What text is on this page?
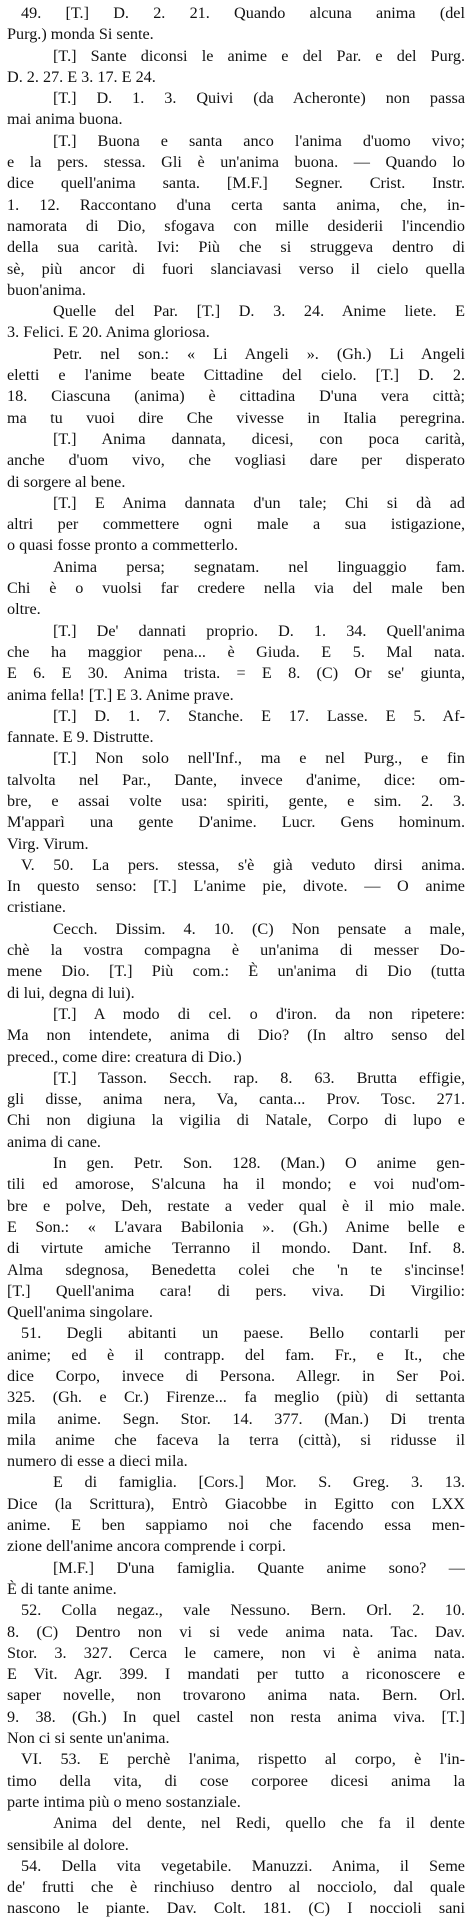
49. [T.] D. 2. 21. Quando alcuna anima (del
Purg.) monda Si sente.
[T.] Sante diconsi le anime e del Par. e del Purg.
D. 2. 27. E 3. 17. E 24.
[T.] D. 1. 3. Quivi (da Acheronte) non passa
mai anima buona.
[T.] Buona e santa anco l'anima d'uomo vivo;
e la pers. stessa. Gli è un'anima buona. — Quando lo
dice quell'anima santa. [M.F.] Segner. Crist. Instr.
1. 12. Raccontano d'una certa santa anima, che, in-
namorata di Dio, sfogava con mille desiderii l'incendio
della sua carità. Ivi: Più che si struggeva dentro di
sè, più ancor di fuori slanciavasi verso il cielo quella
buon'anima.
Quelle del Par. [T.] D. 3. 24. Anime liete. E
3. Felici. E 20. Anima gloriosa.
Petr. nel son.: « Li Angeli ». (Gh.) Li Angeli
eletti e l'anime beate Cittadine del cielo. [T.] D. 2.
18. Ciascuna (anima) è cittadina D'una vera città;
ma tu vuoi dire Che vivesse in Italia peregrina.
[T.] Anima dannata, dicesi, con poca carità,
anche d'uom vivo, che vogliasi dare per disperato
di sorgere al bene.
[T.] E Anima dannata d'un tale; Chi si dà ad
altri per commettere ogni male a sua istigazione,
o quasi fosse pronto a commetterlo.
Anima persa; segnatam. nel linguaggio fam.
Chi è o vuolsi far credere nella via del male ben
oltre.
[T.] De' dannati proprio. D. 1. 34. Quell'anima
che ha maggior pena... è Giuda. E 5. Mal nata.
E 6. E 30. Anima trista. = E 8. (C) Or se' giunta,
anima fella! [T.] E 3. Anime prave.
[T.] D. 1. 7. Stanche. E 17. Lasse. E 5. Af-
fannate. E 9. Distrutte.
[T.] Non solo nell'Inf., ma e nel Purg., e fin
talvolta nel Par., Dante, invece d'anime, dice: om-
bre, e assai volte usa: spiriti, gente, e sim. 2. 3.
M'apparì una gente D'anime. Lucr. Gens hominum.
Virg. Virum.
V. 50. La pers. stessa, s'è già veduto dirsi anima.
In questo senso: [T.] L'anime pie, divote. — O anime
cristiane.
Cecch. Dissim. 4. 10. (C) Non pensate a male,
chè la vostra compagna è un'anima di messer Do-
mene Dio. [T.] Più com.: È un'anima di Dio (tutta
di lui, degna di lui).
[T.] A modo di cel. o d'iron. da non ripetere:
Ma non intendete, anima di Dio? (In altro senso del
preced., come dire: creatura di Dio.)
[T.] Tasson. Secch. rap. 8. 63. Brutta effigie,
gli disse, anima nera, Va, canta... Prov. Tosc. 271.
Chi non digiuna la vigilia di Natale, Corpo di lupo e
anima di cane.
In gen. Petr. Son. 128. (Man.) O anime gen-
tili ed amorose, S'alcuna ha il mondo; e voi nud'om-
bre e polve, Deh, restate a veder qual è il mio male.
E Son.: « L'avara Babilonia ». (Gh.) Anime belle e
di virtute amiche Terranno il mondo. Dant. Inf. 8.
Alma sdegnosa, Benedetta colei che 'n te s'incinse!
[T.] Quell'anima cara! di pers. viva. Di Virgilio:
Quell'anima singolare.
51. Degli abitanti un paese. Bello contarli per
anime; ed è il contrapp. del fam. Fr., e It., che
dice Corpo, invece di Persona. Allegr. in Ser Poi.
325. (Gh. e Cr.) Firenze... fa meglio (più) di settanta
mila anime. Segn. Stor. 14. 377. (Man.) Di trenta
mila anime che faceva la terra (città), si ridusse il
numero di esse a dieci mila.
E di famiglia. [Cors.] Mor. S. Greg. 3. 13.
Dice (la Scrittura), Entrò Giacobbe in Egitto con LXX
anime. E ben sappiamo noi che facendo essa men-
zione dell'anime ancora comprende i corpi.
[M.F.] D'una famiglia. Quante anime sono? —
È di tante anime.
52. Colla negaz., vale Nessuno. Bern. Orl. 2. 10.
8. (C) Dentro non vi si vede anima nata. Tac. Dav.
Stor. 3. 327. Cerca le camere, non vi è anima nata.
E Vit. Agr. 399. I mandati per tutto a riconoscere e
saper novelle, non trovarono anima nata. Bern. Orl.
9. 38. (Gh.) In quel castel non resta anima viva. [T.]
Non ci si sente un'anima.
VI. 53. E perchè l'anima, rispetto al corpo, è l'in-
timo della vita, di cose corporee dicesi anima la
parte intima più o meno sostanziale.
Anima del dente, nel Redi, quello che fa il dente
sensibile al dolore.
54. Della vita vegetabile. Manuzzi. Anima, il Seme
de' frutti che è rinchiuso dentro al nocciolo, dal quale
nascono le piante. Dav. Colt. 181. (C) I noccioli sani
